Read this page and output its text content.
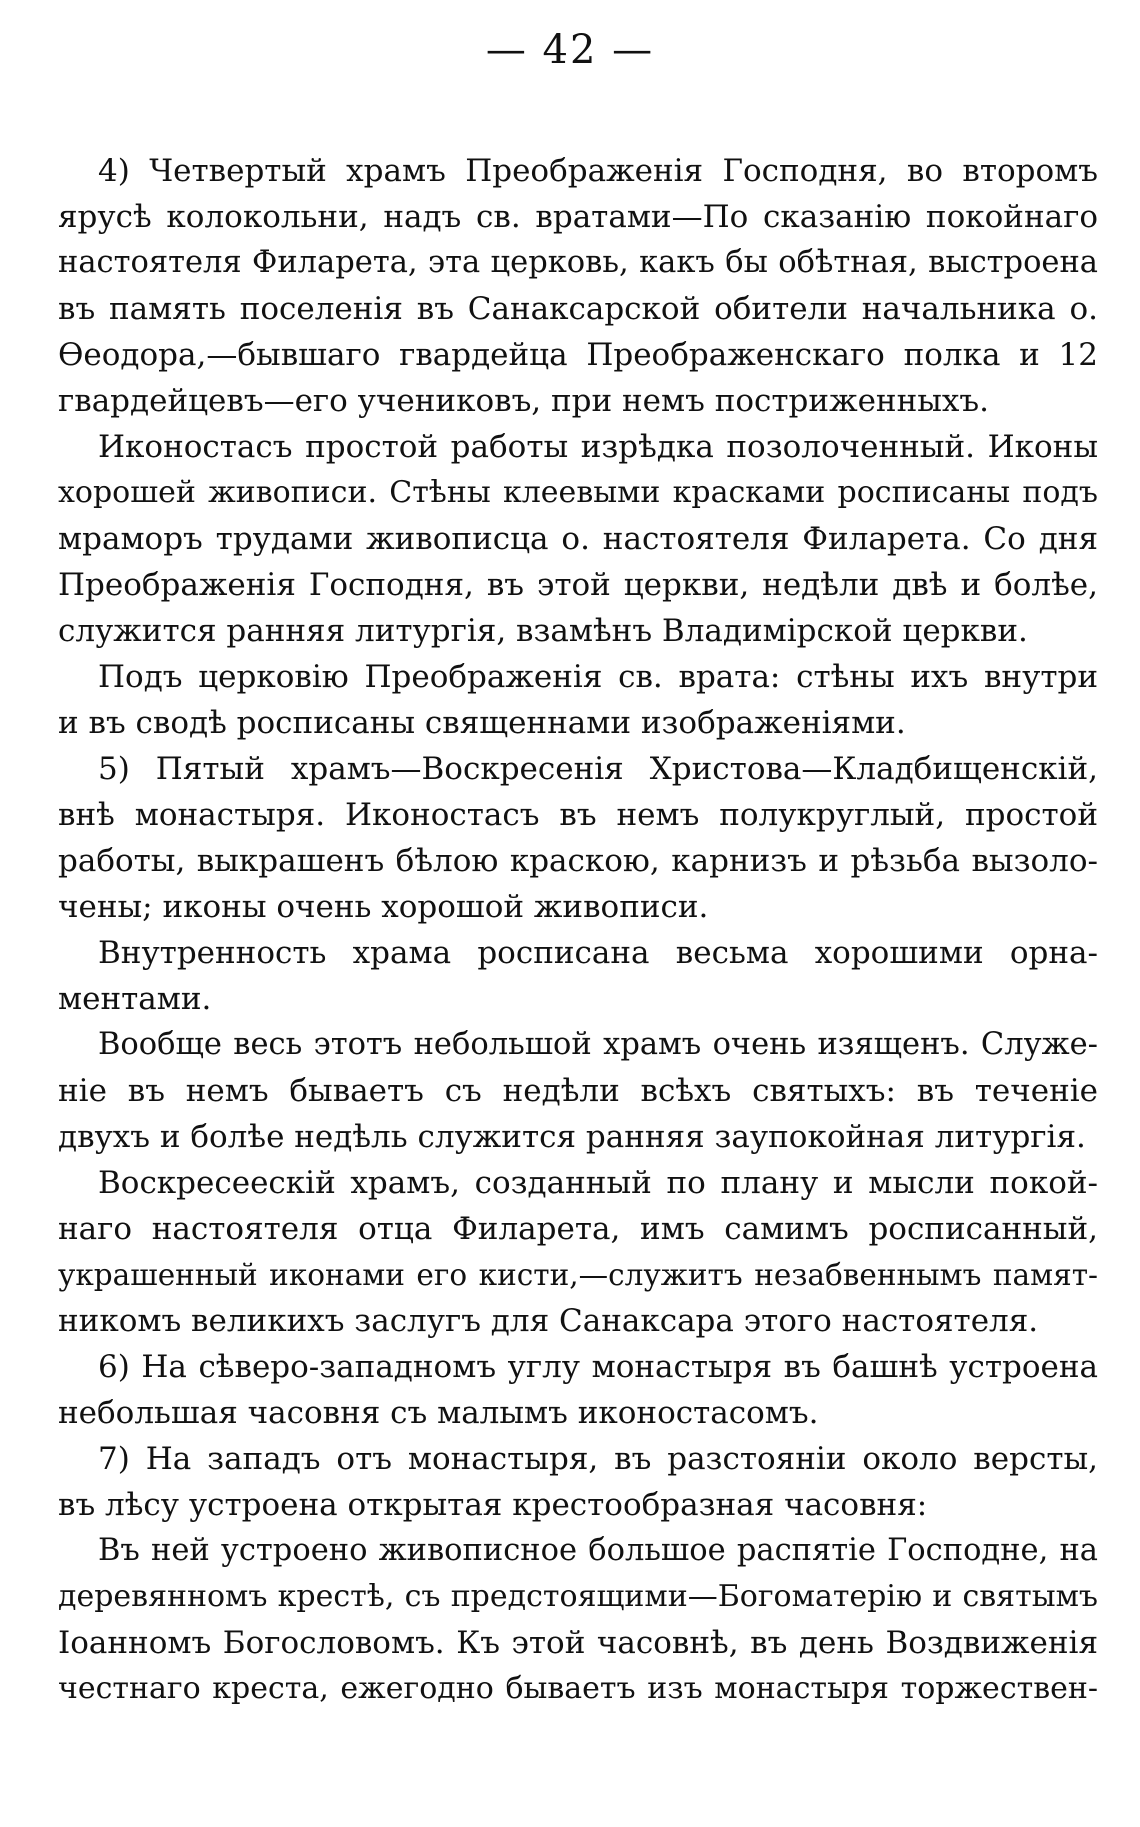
— 42 —
4) Четвертый храмъ Преображенія Господня, во второмъ
ярусѣ колокольни, надъ св. вратами—По сказанію покойнаго
настоятеля Филарета, эта церковь, какъ бы обѣтная, выстроена
въ память поселенія въ Санаксарской обители начальника о.
Ѳеодора,—бывшаго гвардейца Преображенскаго полка и 12
гвардейцевъ—его учениковъ, при немъ постриженныхъ.
Иконостасъ простой работы изрѣдка позолоченный. Иконы
хорошей живописи. Стѣны клеевыми красками росписаны подъ
мраморъ трудами живописца о. настоятеля Филарета. Со дня
Преображенія Господня, въ этой церкви, недѣли двѣ и болѣе,
служится ранняя литургія, взамѣнъ Владимірской церкви.
Подъ церковію Преображенія св. врата: стѣны ихъ внутри
и въ сводѣ росписаны священнами изображеніями.
5) Пятый храмъ—Воскресенія Христова—Кладбищенскій,
внѣ монастыря. Иконостасъ въ немъ полукруглый, простой
работы, выкрашенъ бѣлою краскою, карнизъ и рѣзьба вызоло-
чены; иконы очень хорошой живописи.
Внутренность храма росписана весьма хорошими орна-
ментами.
Вообще весь этотъ небольшой храмъ очень изященъ. Служе-
ніе въ немъ бываетъ съ недѣли всѣхъ святыхъ: въ теченіе
двухъ и болѣе недѣль служится ранняя заупокойная литургія.
Воскресеескій храмъ, созданный по плану и мысли покой-
наго настоятеля отца Филарета, имъ самимъ росписанный,
украшенный иконами его кисти,—служитъ незабвеннымъ памят-
никомъ великихъ заслугъ для Санаксара этого настоятеля.
6) На сѣверо-западномъ углу монастыря въ башнѣ устроена
небольшая часовня съ малымъ иконостасомъ.
7) На западъ отъ монастыря, въ разстояніи около версты,
въ лѣсу устроена открытая крестообразная часовня:
Въ ней устроено живописное большое распятіе Господне, на
деревянномъ крестѣ, съ предстоящими—Богоматерію и святымъ
Іоанномъ Богословомъ. Къ этой часовнѣ, въ день Воздвиженія
честнаго креста, ежегодно бываетъ изъ монастыря торжествен-
